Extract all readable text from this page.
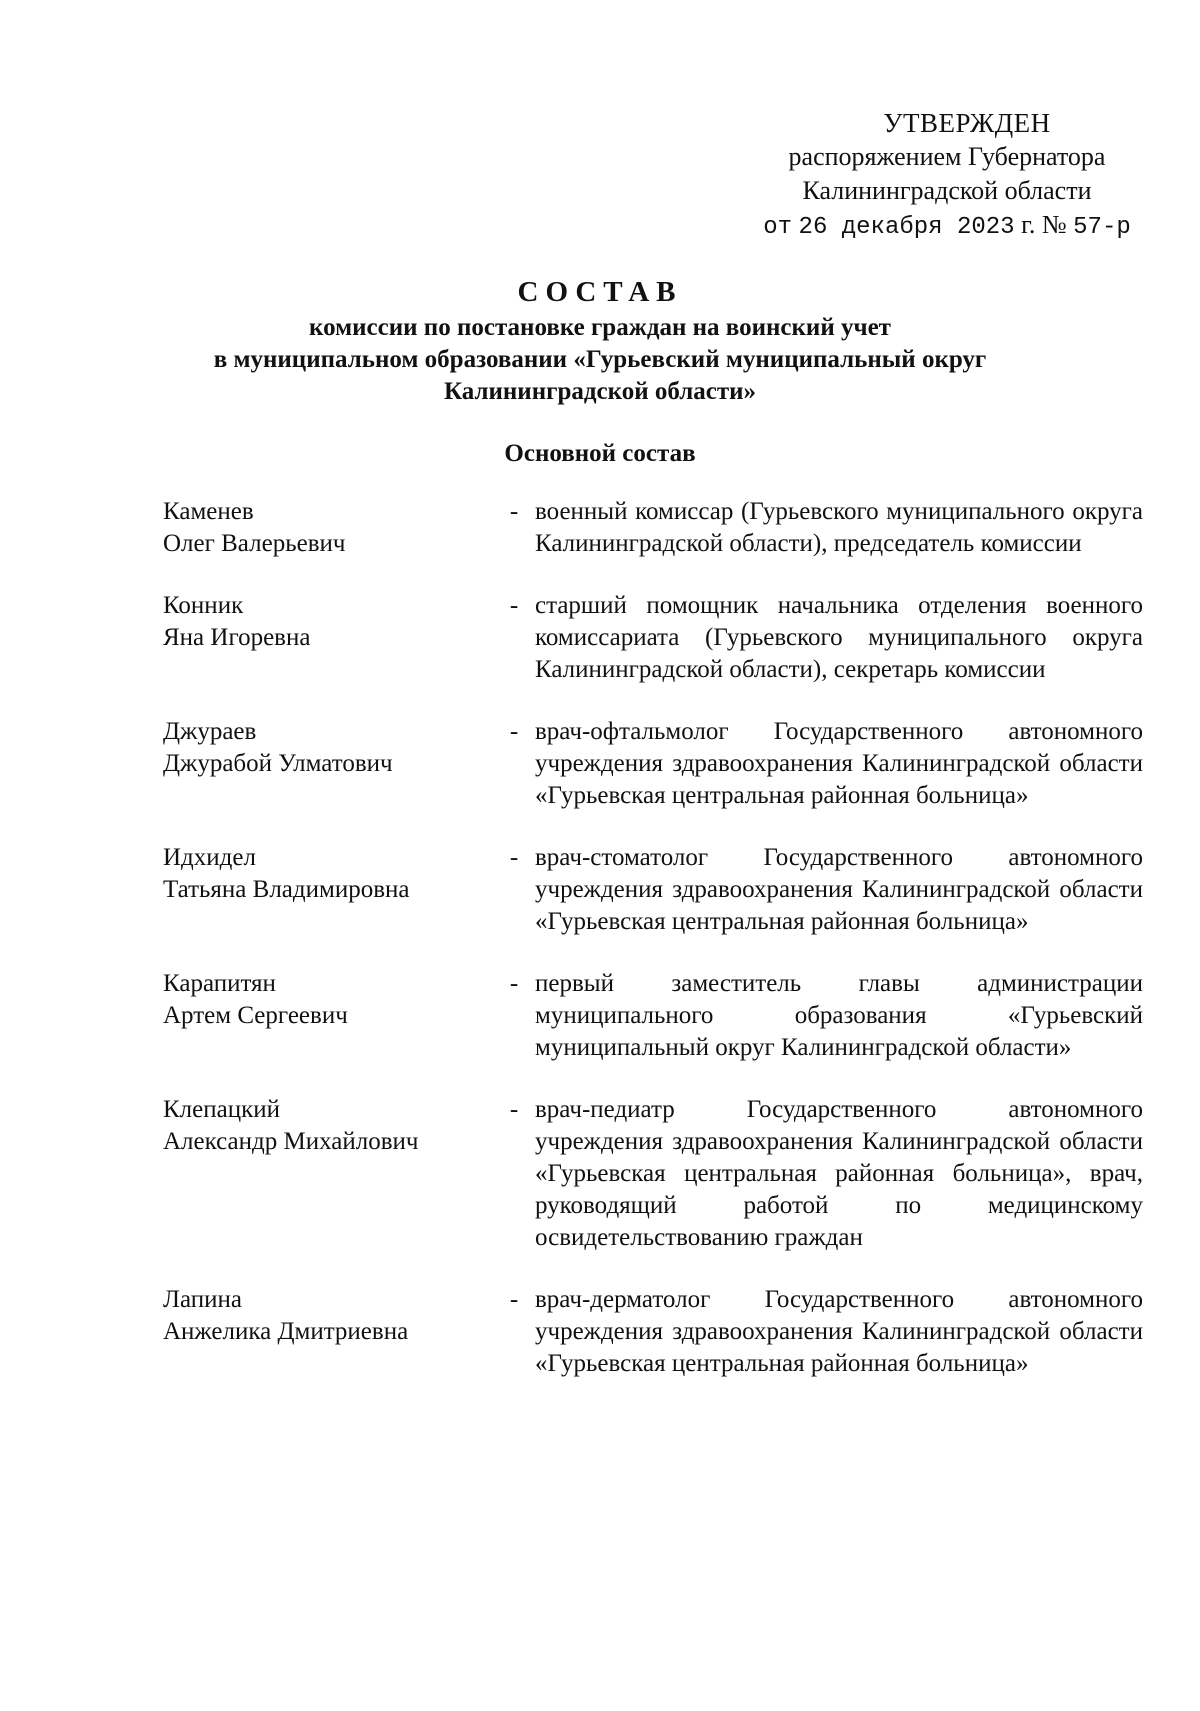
УТВЕРЖДЕН
распоряжением Губернатора
Калининградской области
от 26 декабря 2023 г. № 57-р
СОСТАВ
комиссии по постановке граждан на воинский учет
в муниципальном образовании «Гурьевский муниципальный округ
Калининградской области»
Основной состав
Каменев
Олег Валерьевич
- военный комиссар (Гурьевского муниципального округа Калининградской области), председатель комиссии
Конник
Яна Игоревна
- старший помощник начальника отделения военного комиссариата (Гурьевского муниципального округа Калининградской области), секретарь комиссии
Джураев
Джурабой Улматович
- врач-офтальмолог Государственного автономного учреждения здравоохранения Калининградской области «Гурьевская центральная районная больница»
Идхидел
Татьяна Владимировна
- врач-стоматолог Государственного автономного учреждения здравоохранения Калининградской области «Гурьевская центральная районная больница»
Карапитян
Артем Сергеевич
- первый заместитель главы администрации муниципального образования «Гурьевский муниципальный округ Калининградской области»
Клепацкий
Александр Михайлович
- врач-педиатр Государственного автономного учреждения здравоохранения Калининградской области «Гурьевская центральная районная больница», врач, руководящий работой по медицинскому освидетельствованию граждан
Лапина
Анжелика Дмитриевна
- врач-дерматолог Государственного автономного учреждения здравоохранения Калининградской области «Гурьевская центральная районная больница»
